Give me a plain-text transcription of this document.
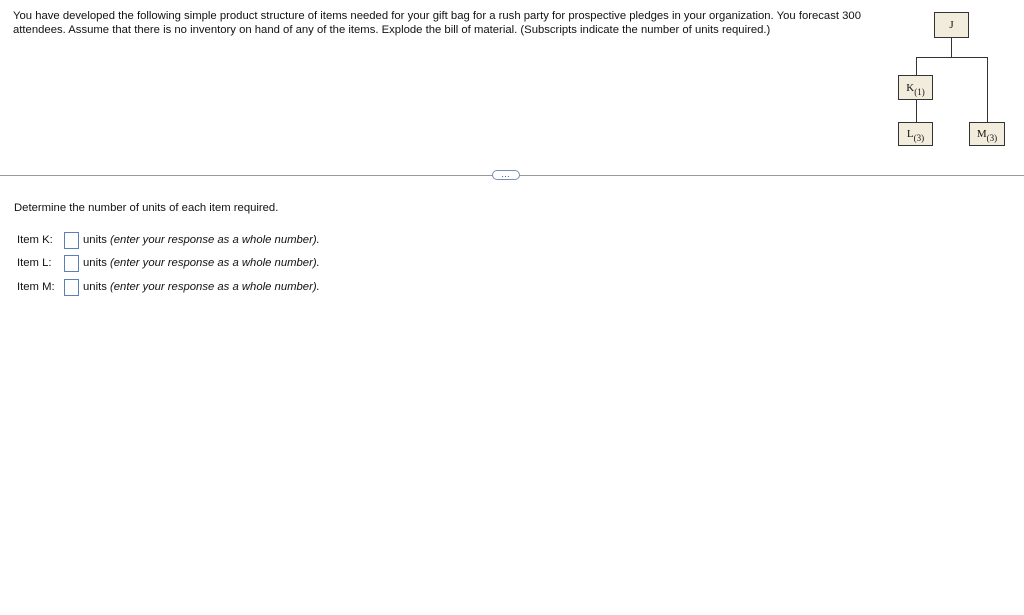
You have developed the following simple product structure of items needed for your gift bag for a rush party for prospective pledges in your organization. You forecast 300 attendees. Assume that there is no inventory on hand of any of the items. Explode the bill of material. (Subscripts indicate the number of units required.)	J
K (1)
L (3)	M (3)
…
Determine the number of units of each item required.
Item K:	units (enter your response as a whole number).
Item L:	units (enter your response as a whole number).
Item M:	units (enter your response as a whole number).
